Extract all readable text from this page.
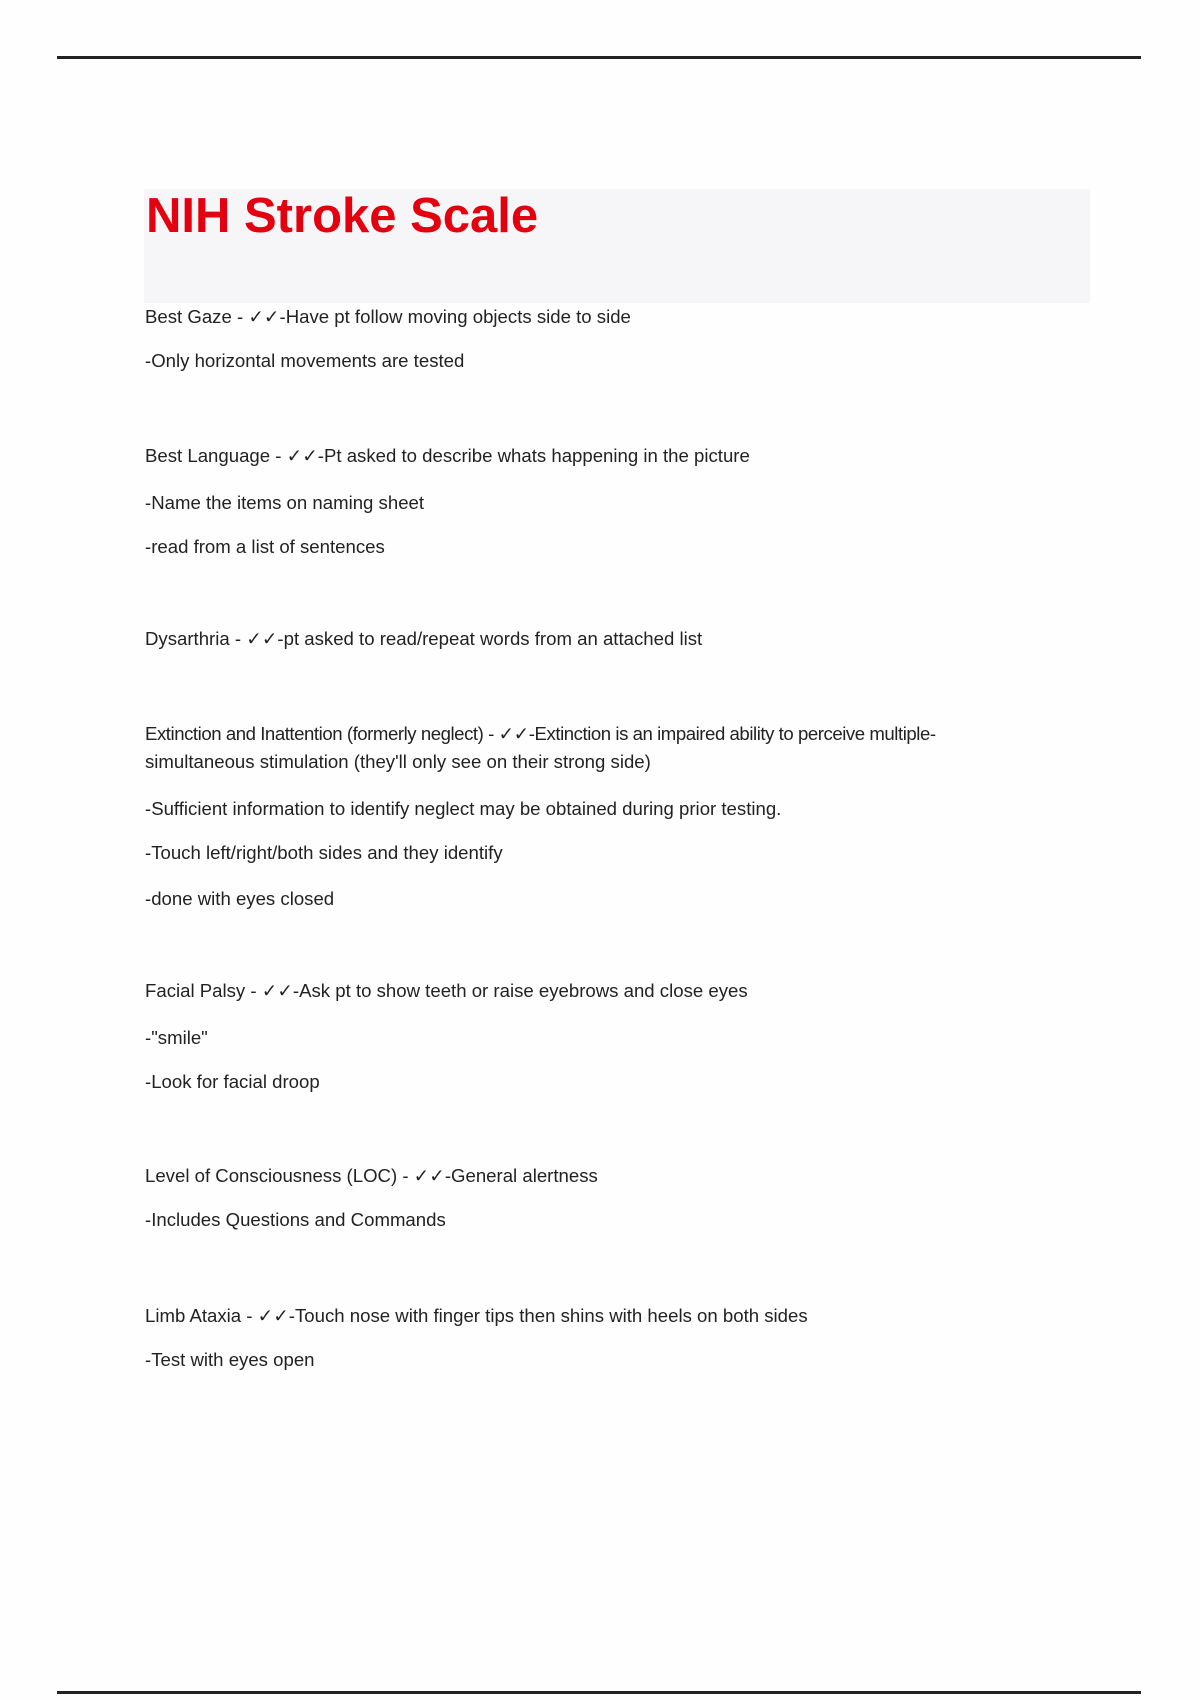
NIH Stroke Scale
Best Gaze - ✓✓-Have pt follow moving objects side to side
-Only horizontal movements are tested
Best Language - ✓✓-Pt asked to describe whats happening in the picture
-Name the items on naming sheet
-read from a list of sentences
Dysarthria - ✓✓-pt asked to read/repeat words from an attached list
Extinction and Inattention (formerly neglect) - ✓✓-Extinction is an impaired ability to perceive multiple-
simultaneous stimulation (they'll only see on their strong side)
-Sufficient information to identify neglect may be obtained during prior testing.
-Touch left/right/both sides and they identify
-done with eyes closed
Facial Palsy - ✓✓-Ask pt to show teeth or raise eyebrows and close eyes
-"smile"
-Look for facial droop
Level of Consciousness (LOC) - ✓✓-General alertness
-Includes Questions and Commands
Limb Ataxia - ✓✓-Touch nose with finger tips then shins with heels on both sides
-Test with eyes open
